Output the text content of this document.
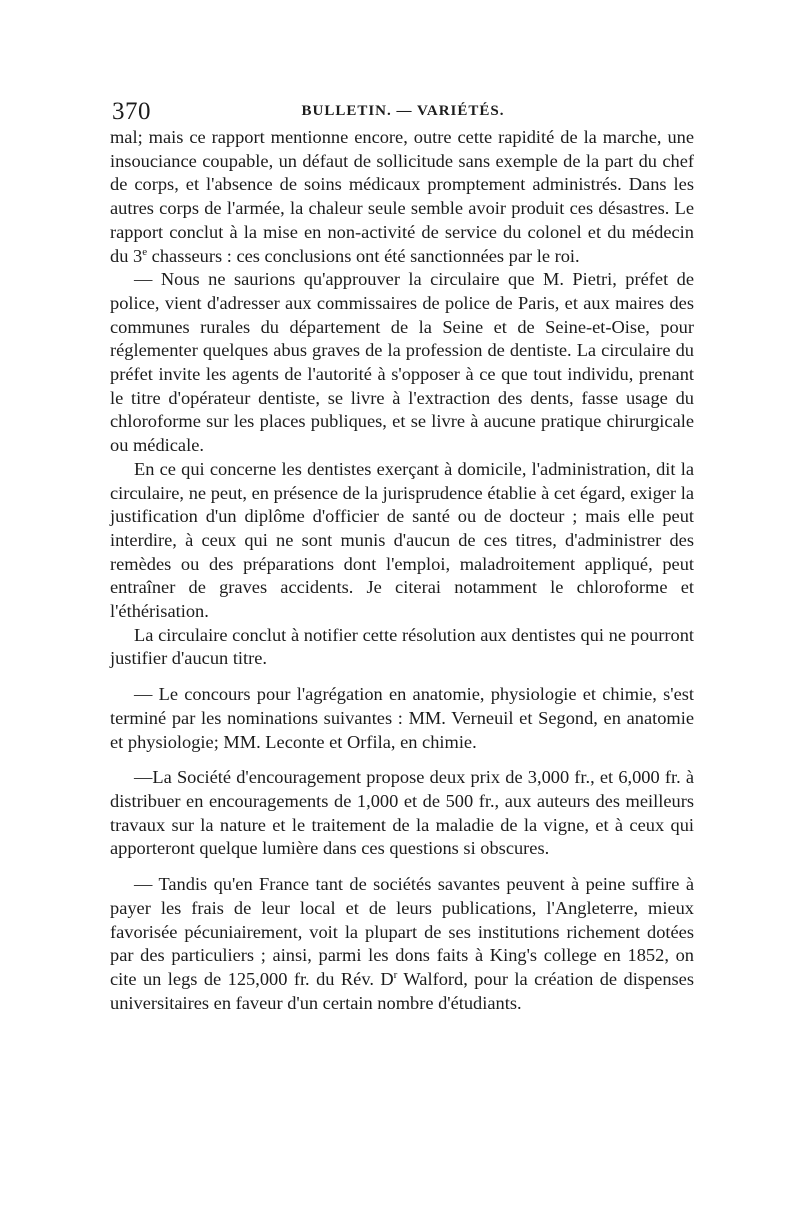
370	BULLETIN. — VARIÉTÉS.

mal; mais ce rapport mentionne encore, outre cette rapidité de la marche, une insouciance coupable, un défaut de sollicitude sans exemple de la part du chef de corps, et l'absence de soins médicaux promptement administrés. Dans les autres corps de l'armée, la chaleur seule semble avoir produit ces désastres. Le rapport conclut à la mise en non-activité de service du colonel et du médecin du 3e chasseurs : ces conclusions ont été sanctionnées par le roi.

— Nous ne saurions qu'approuver la circulaire que M. Pietri, préfet de police, vient d'adresser aux commissaires de police de Paris, et aux maires des communes rurales du département de la Seine et de Seine-et-Oise, pour réglementer quelques abus graves de la profession de dentiste. La circulaire du préfet invite les agents de l'autorité à s'opposer à ce que tout individu, prenant le titre d'opérateur dentiste, se livre à l'extraction des dents, fasse usage du chloroforme sur les places publiques, et se livre à aucune pratique chirurgicale ou médicale.

En ce qui concerne les dentistes exerçant à domicile, l'administration, dit la circulaire, ne peut, en présence de la jurisprudence établie à cet égard, exiger la justification d'un diplôme d'officier de santé ou de docteur ; mais elle peut interdire, à ceux qui ne sont munis d'aucun de ces titres, d'administrer des remèdes ou des préparations dont l'emploi, maladroitement appliqué, peut entraîner de graves accidents. Je citerai notamment le chloroforme et l'éthérisation.

La circulaire conclut à notifier cette résolution aux dentistes qui ne pourront justifier d'aucun titre.

— Le concours pour l'agrégation en anatomie, physiologie et chimie, s'est terminé par les nominations suivantes : MM. Verneuil et Segond, en anatomie et physiologie; MM. Leconte et Orfila, en chimie.

—La Société d'encouragement propose deux prix de 3,000 fr., et 6,000 fr. à distribuer en encouragements de 1,000 et de 500 fr., aux auteurs des meilleurs travaux sur la nature et le traitement de la maladie de la vigne, et à ceux qui apporteront quelque lumière dans ces questions si obscures.

— Tandis qu'en France tant de sociétés savantes peuvent à peine suffire à payer les frais de leur local et de leurs publications, l'Angleterre, mieux favorisée pécuniairement, voit la plupart de ses institutions richement dotées par des particuliers ; ainsi, parmi les dons faits à King's college en 1852, on cite un legs de 125,000 fr. du Rév. $D^r$ Walford, pour la création de dispenses universitaires en faveur d'un certain nombre d'étudiants.
